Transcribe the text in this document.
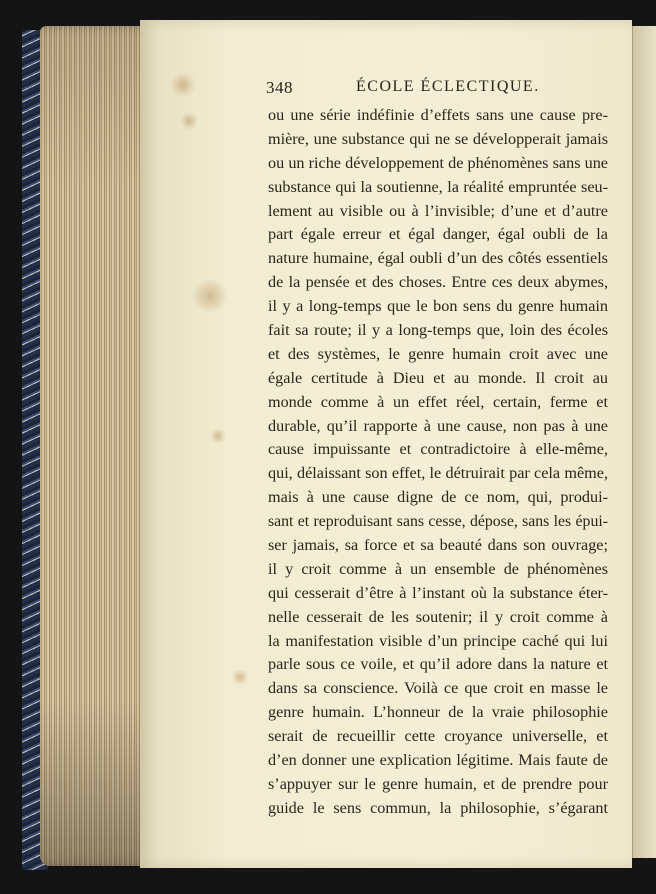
348	ÉCOLE ÉCLECTIQUE.
ou une série indéfinie d’effets sans une cause pre-
mière, une substance qui ne se développerait jamais
ou un riche développement de phénomènes sans une
substance qui la soutienne, la réalité empruntée seu-
lement au visible ou à l’invisible; d’une et d’autre
part égale erreur et égal danger, égal oubli de la
nature humaine, égal oubli d’un des côtés essentiels
de la pensée et des choses. Entre ces deux abymes,
il y a long-temps que le bon sens du genre humain
fait sa route; il y a long-temps que, loin des écoles
et des systèmes, le genre humain croit avec une
égale certitude à Dieu et au monde. Il croit au
monde comme à un effet réel, certain, ferme et
durable, qu’il rapporte à une cause, non pas à une
cause impuissante et contradictoire à elle-même,
qui, délaissant son effet, le détruirait par cela même,
mais à une cause digne de ce nom, qui, produi-
sant et reproduisant sans cesse, dépose, sans les épui-
ser jamais, sa force et sa beauté dans son ouvrage;
il y croit comme à un ensemble de phénomènes
qui cesserait d’être à l’instant où la substance éter-
nelle cesserait de les soutenir; il y croit comme à
la manifestation visible d’un principe caché qui lui
parle sous ce voile, et qu’il adore dans la nature et
dans sa conscience. Voilà ce que croit en masse le
genre humain. L’honneur de la vraie philosophie
serait de recueillir cette croyance universelle, et
d’en donner une explication légitime. Mais faute de
s’appuyer sur le genre humain, et de prendre pour
guide le sens commun, la philosophie, s’égarant
